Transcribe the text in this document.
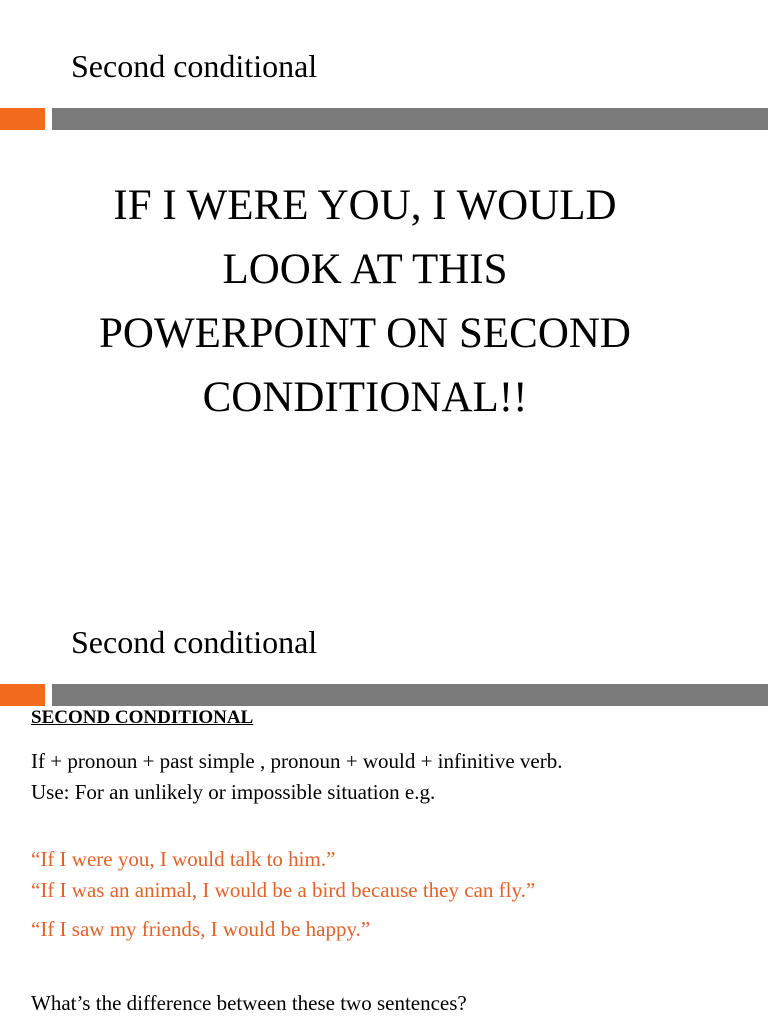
Second conditional
IF I WERE YOU, I WOULD
LOOK AT THIS
POWERPOINT ON SECOND
CONDITIONAL!!
Second conditional
SECOND CONDITIONAL
If + pronoun + past simple , pronoun + would + infinitive verb.
Use: For an unlikely or impossible situation e.g.
“If I were you, I would talk to him.”
“If I was an animal, I would be a bird because they can fly.”
“If I saw my friends, I would be happy.”
What’s the difference between these two sentences?
